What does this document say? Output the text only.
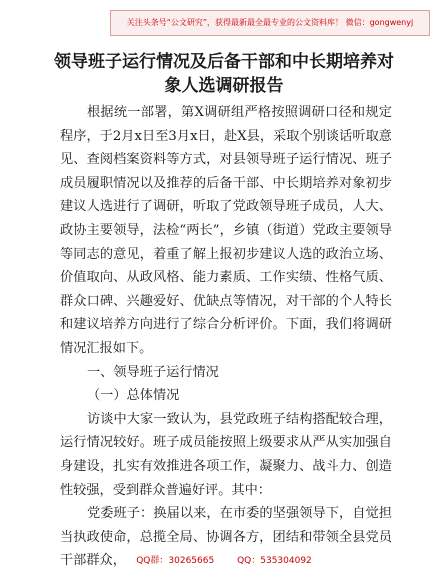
关注头条号“公文研究”，获得最新最全最专业的公文资料库！ 微信：gongwenyj
领导班子运行情况及后备干部和中长期培养对
象人选调研报告

根据统一部署，第X调研组严格按照调研口径和规定程序，于2月x日至3月x日，赴X县，采取个别谈话听取意见、查阅档案资料等方式，对县领导班子运行情况、班子成员履职情况以及推荐的后备干部、中长期培养对象初步建议人选进行了调研，听取了党政领导班子成员，人大、政协主要领导，法检“两长”，乡镇（街道）党政主要领导等同志的意见，着重了解上报初步建议人选的政治立场、价值取向、从政风格、能力素质、工作实绩、性格气质、群众口碑、兴趣爱好、优缺点等情况，对干部的个人特长和建议培养方向进行了综合分析评价。下面，我们将调研情况汇报如下。

一、领导班子运行情况

（一）总体情况

访谈中大家一致认为，县党政班子结构搭配较合理，运行情况较好。班子成员能按照上级要求从严从实加强自身建设，扎实有效推进各项工作，凝聚力、战斗力、创造性较强，受到群众普遍好评。其中：

党委班子：换届以来，在市委的坚强领导下，自觉担当执政使命，总揽全局、协调各方，团结和带领全县党员干部群众，	QQ群：30265665	QQ：535304092
